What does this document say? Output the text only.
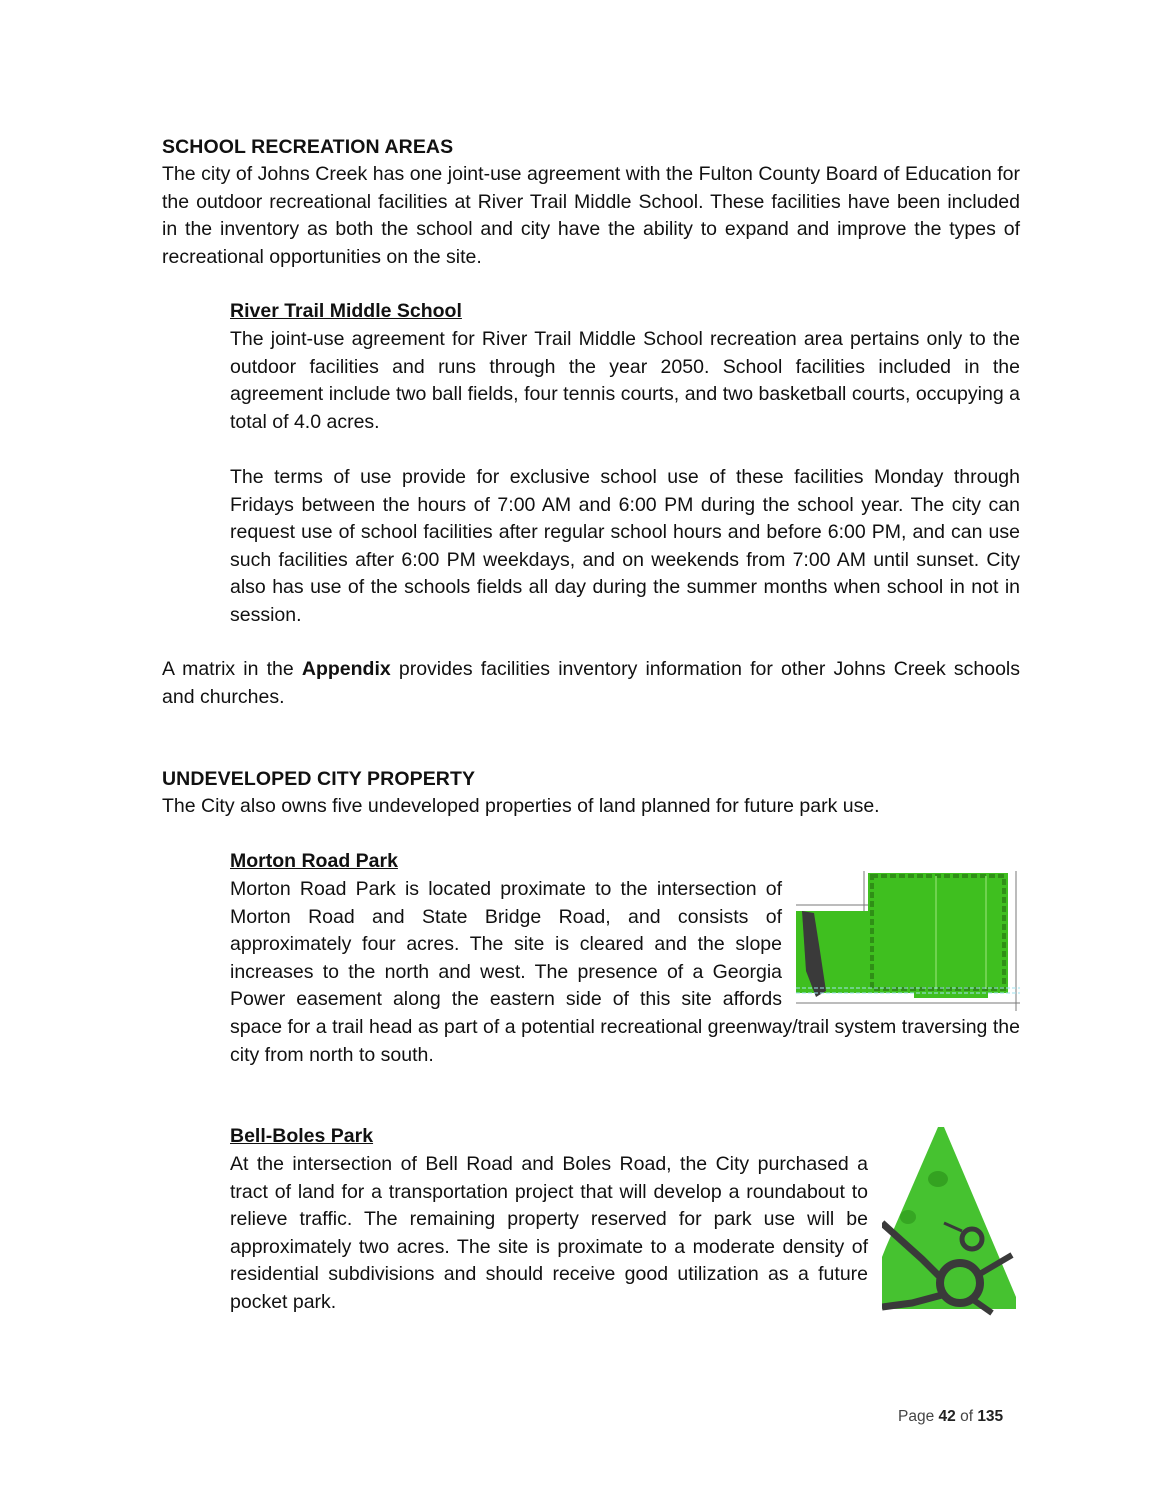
SCHOOL RECREATION AREAS

The city of Johns Creek has one joint-use agreement with the Fulton County Board of Education for the outdoor recreational facilities at River Trail Middle School. These facilities have been included in the inventory as both the school and city have the ability to expand and improve the types of recreational opportunities on the site.

River Trail Middle School

The joint-use agreement for River Trail Middle School recreation area pertains only to the outdoor facilities and runs through the year 2050. School facilities included in the agreement include two ball fields, four tennis courts, and two basketball courts, occupying a total of 4.0 acres.

The terms of use provide for exclusive school use of these facilities Monday through Fridays between the hours of 7:00 AM and 6:00 PM during the school year. The city can request use of school facilities after regular school hours and before 6:00 PM, and can use such facilities after 6:00 PM weekdays, and on weekends from 7:00 AM until sunset. City also has use of the schools fields all day during the summer months when school in not in session.

A matrix in the Appendix provides facilities inventory information for other Johns Creek schools and churches.

UNDEVELOPED CITY PROPERTY

The City also owns five undeveloped properties of land planned for future park use.

Morton Road Park
Morton Road Park is located proximate to the intersection of Morton Road and State Bridge Road, and consists of approximately four acres. The site is cleared and the slope increases to the north and west. The presence of a Georgia Power easement along the eastern side of this site affords space for a trail head as part of a potential recreational greenway/trail system traversing the city from north to south.
Bell-Boles Park
At the intersection of Bell Road and Boles Road, the City purchased a tract of land for a transportation project that will develop a roundabout to relieve traffic. The remaining property reserved for park use will be approximately two acres. The site is proximate to a moderate density of residential subdivisions and should receive good utilization as a future pocket park.
Page 42 of 135
